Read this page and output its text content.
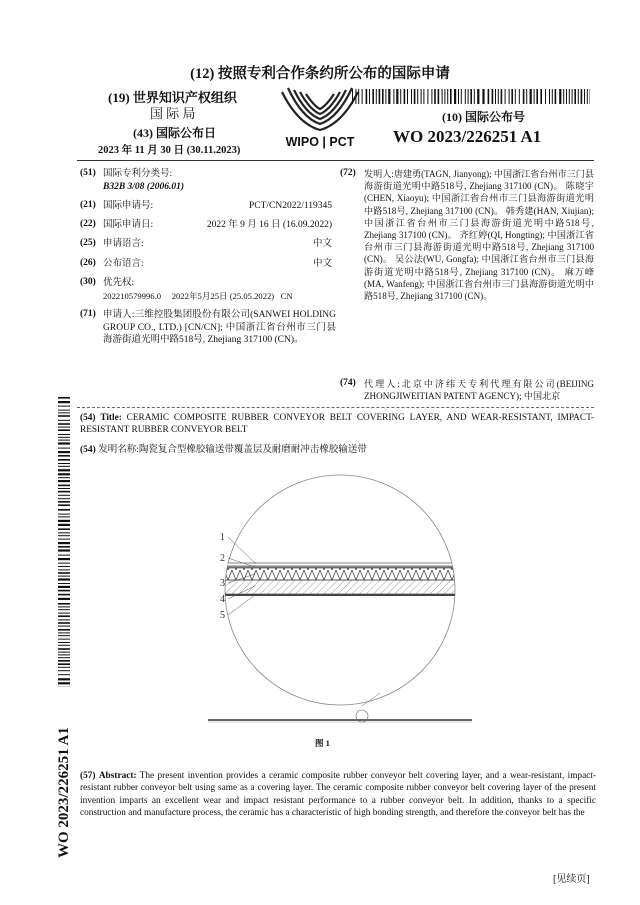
(12) 按照专利合作条约所公布的国际申请
(19) 世界知识产权组织
国 际 局
(43) 国际公布日
2023 年 11 月 30 日 (30.11.2023)
WIPO | PCT
(10) 国际公布号
WO 2023/226251 A1
(51) 国际专利分类号:
B32B 3/08 (2006.01)
(21) 国际申请号:	PCT/CN2022/119345
(22) 国际申请日:	2022 年 9 月 16 日 (16.09.2022)
(25) 申请语言:	中文
(26) 公布语言:	中文
(30) 优先权:
202210579996.0     2022年5月25日 (25.05.2022)   CN
(71) 申请人:三维控股集团股份有限公司(SANWEI HOLDING GROUP CO., LTD.) [CN/CN]; 中国浙江省台州市三门县海游街道光明中路518号, Zhejiang 317100 (CN)。
(72) 发明人:唐建勇(TAGN, Jianyong); 中国浙江省台州市三门县海游街道光明中路518号, Zhejiang 317100 (CN)。 陈晓宇(CHEN, Xiaoyu); 中国浙江省台州市三门县海游街道光明中路518号, Zhejiang 317100 (CN)。 韩秀建(HAN, Xiujian); 中国浙江省台州市三门县海游街道光明中路518号, Zhejiang 317100 (CN)。 齐红婷(QI, Hongting); 中国浙江省台州市三门县海游街道光明中路518号, Zhejiang 317100 (CN)。 吴公法(WU, Gongfa); 中国浙江省台州市三门县海游街道光明中路518号, Zhejiang 317100 (CN)。 麻万峰(MA, Wanfeng); 中国浙江省台州市三门县海游街道光明中路518号, Zhejiang 317100 (CN)。
(74) 代理人:北京中济纬天专利代理有限公司(BEIJING ZHONGJIWEITIAN PATENT AGENCY); 中国北京
(54) Title: CERAMIC COMPOSITE RUBBER CONVEYOR BELT COVERING LAYER, AND WEAR-RESISTANT, IMPACT-RESISTANT RUBBER CONVEYOR BELT
(54) 发明名称:陶瓷复合型橡胶输送带覆盖层及耐磨耐冲击橡胶输送带
1
2
3
4
5
图 1
(57) Abstract: The present invention provides a ceramic composite rubber conveyor belt covering layer, and a wear-resistant, impact-resistant rubber conveyor belt using same as a covering layer. The ceramic composite rubber conveyor belt covering layer of the present invention imparts an excellent wear and impact resistant performance to a rubber conveyor belt. In addition, thanks to a specific construction and manufacture process, the ceramic has a characteristic of high bonding strength, and therefore the conveyor belt has the
WO 2023/226251 A1
[见续页]
